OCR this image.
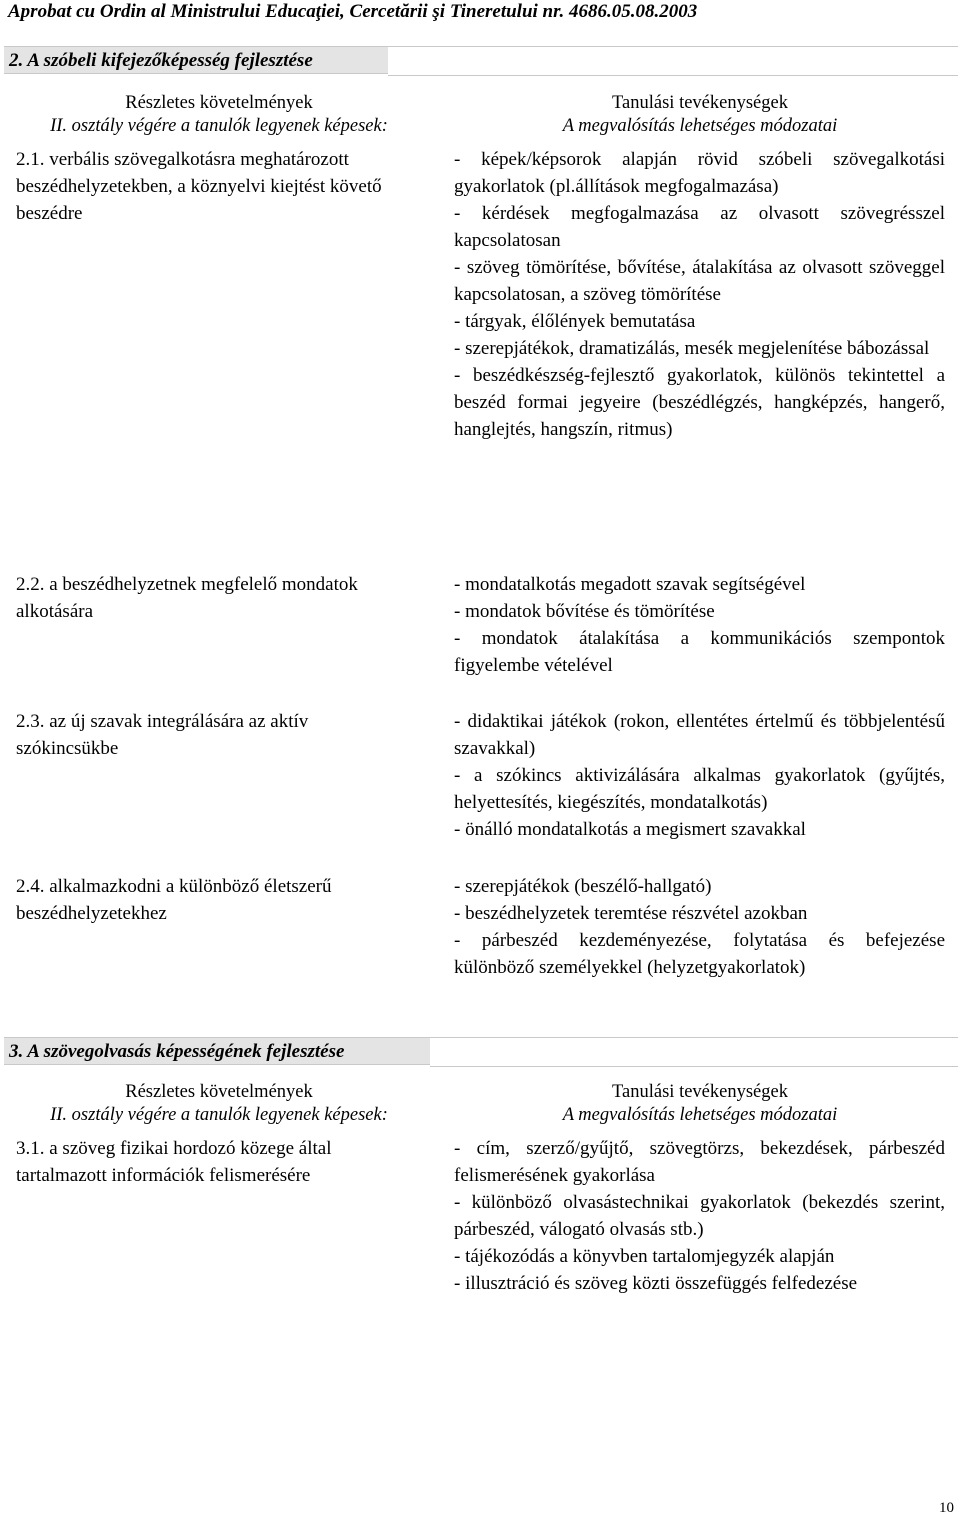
Aprobat cu Ordin al Ministrului Educaţiei, Cercetării şi Tineretului nr. 4686.05.08.2003
2. A szóbeli kifejezőképesség fejlesztése
Részletes követelmények
II. osztály végére a tanulók legyenek képesek:
Tanulási tevékenységek
A megvalósítás lehetséges módozatai
2.1. verbális szövegalkotásra meghatározott beszédhelyzetekben, a köznyelvi kiejtést követő beszédre

- képek/képsorok alapján rövid szóbeli szövegalkotási gyakorlatok (pl.állítások megfogalmazása)

- kérdések megfogalmazása az olvasott szövegrésszel kapcsolatosan

- szöveg tömörítése, bővítése, átalakítása az olvasott szöveggel kapcsolatosan, a szöveg tömörítése

- tárgyak, élőlények bemutatása

- szerepjátékok, dramatizálás, mesék megjelenítése bábozással

- beszédkészség-fejlesztő gyakorlatok, különös tekintettel a beszéd formai jegyeire (beszédlégzés, hangképzés, hangerő, hanglejtés, hangszín, ritmus)

2.2. a beszédhelyzetnek megfelelő mondatok alkotására

- mondatalkotás megadott szavak segítségével

- mondatok bővítése és tömörítése

- mondatok átalakítása a kommunikációs szempontok figyelembe vételével

2.3. az új szavak integrálására az aktív szókincsükbe

- didaktikai játékok (rokon, ellentétes értelmű és többjelentésű szavakkal)

- a szókincs aktivizálására alkalmas gyakorlatok (gyűjtés, helyettesítés, kiegészítés, mondatalkotás)

- önálló mondatalkotás a megismert szavakkal

2.4. alkalmazkodni a különböző életszerű beszédhelyzetekhez

- szerepjátékok (beszélő-hallgató)

- beszédhelyzetek teremtése részvétel azokban

- párbeszéd kezdeményezése, folytatása és befejezése különböző személyekkel (helyzetgyakorlatok)

3. A szövegolvasás képességének fejlesztése
Részletes követelmények
II. osztály végére a tanulók legyenek képesek:
Tanulási tevékenységek
A megvalósítás lehetséges módozatai
3.1. a szöveg fizikai hordozó közege által tartalmazott információk felismerésére

- cím, szerző/gyűjtő, szövegtörzs, bekezdések, párbeszéd felismerésének gyakorlása

- különböző olvasástechnikai gyakorlatok (bekezdés szerint, párbeszéd, válogató olvasás stb.)

- tájékozódás a könyvben tartalomjegyzék alapján

- illusztráció és szöveg közti összefüggés felfedezése

10
